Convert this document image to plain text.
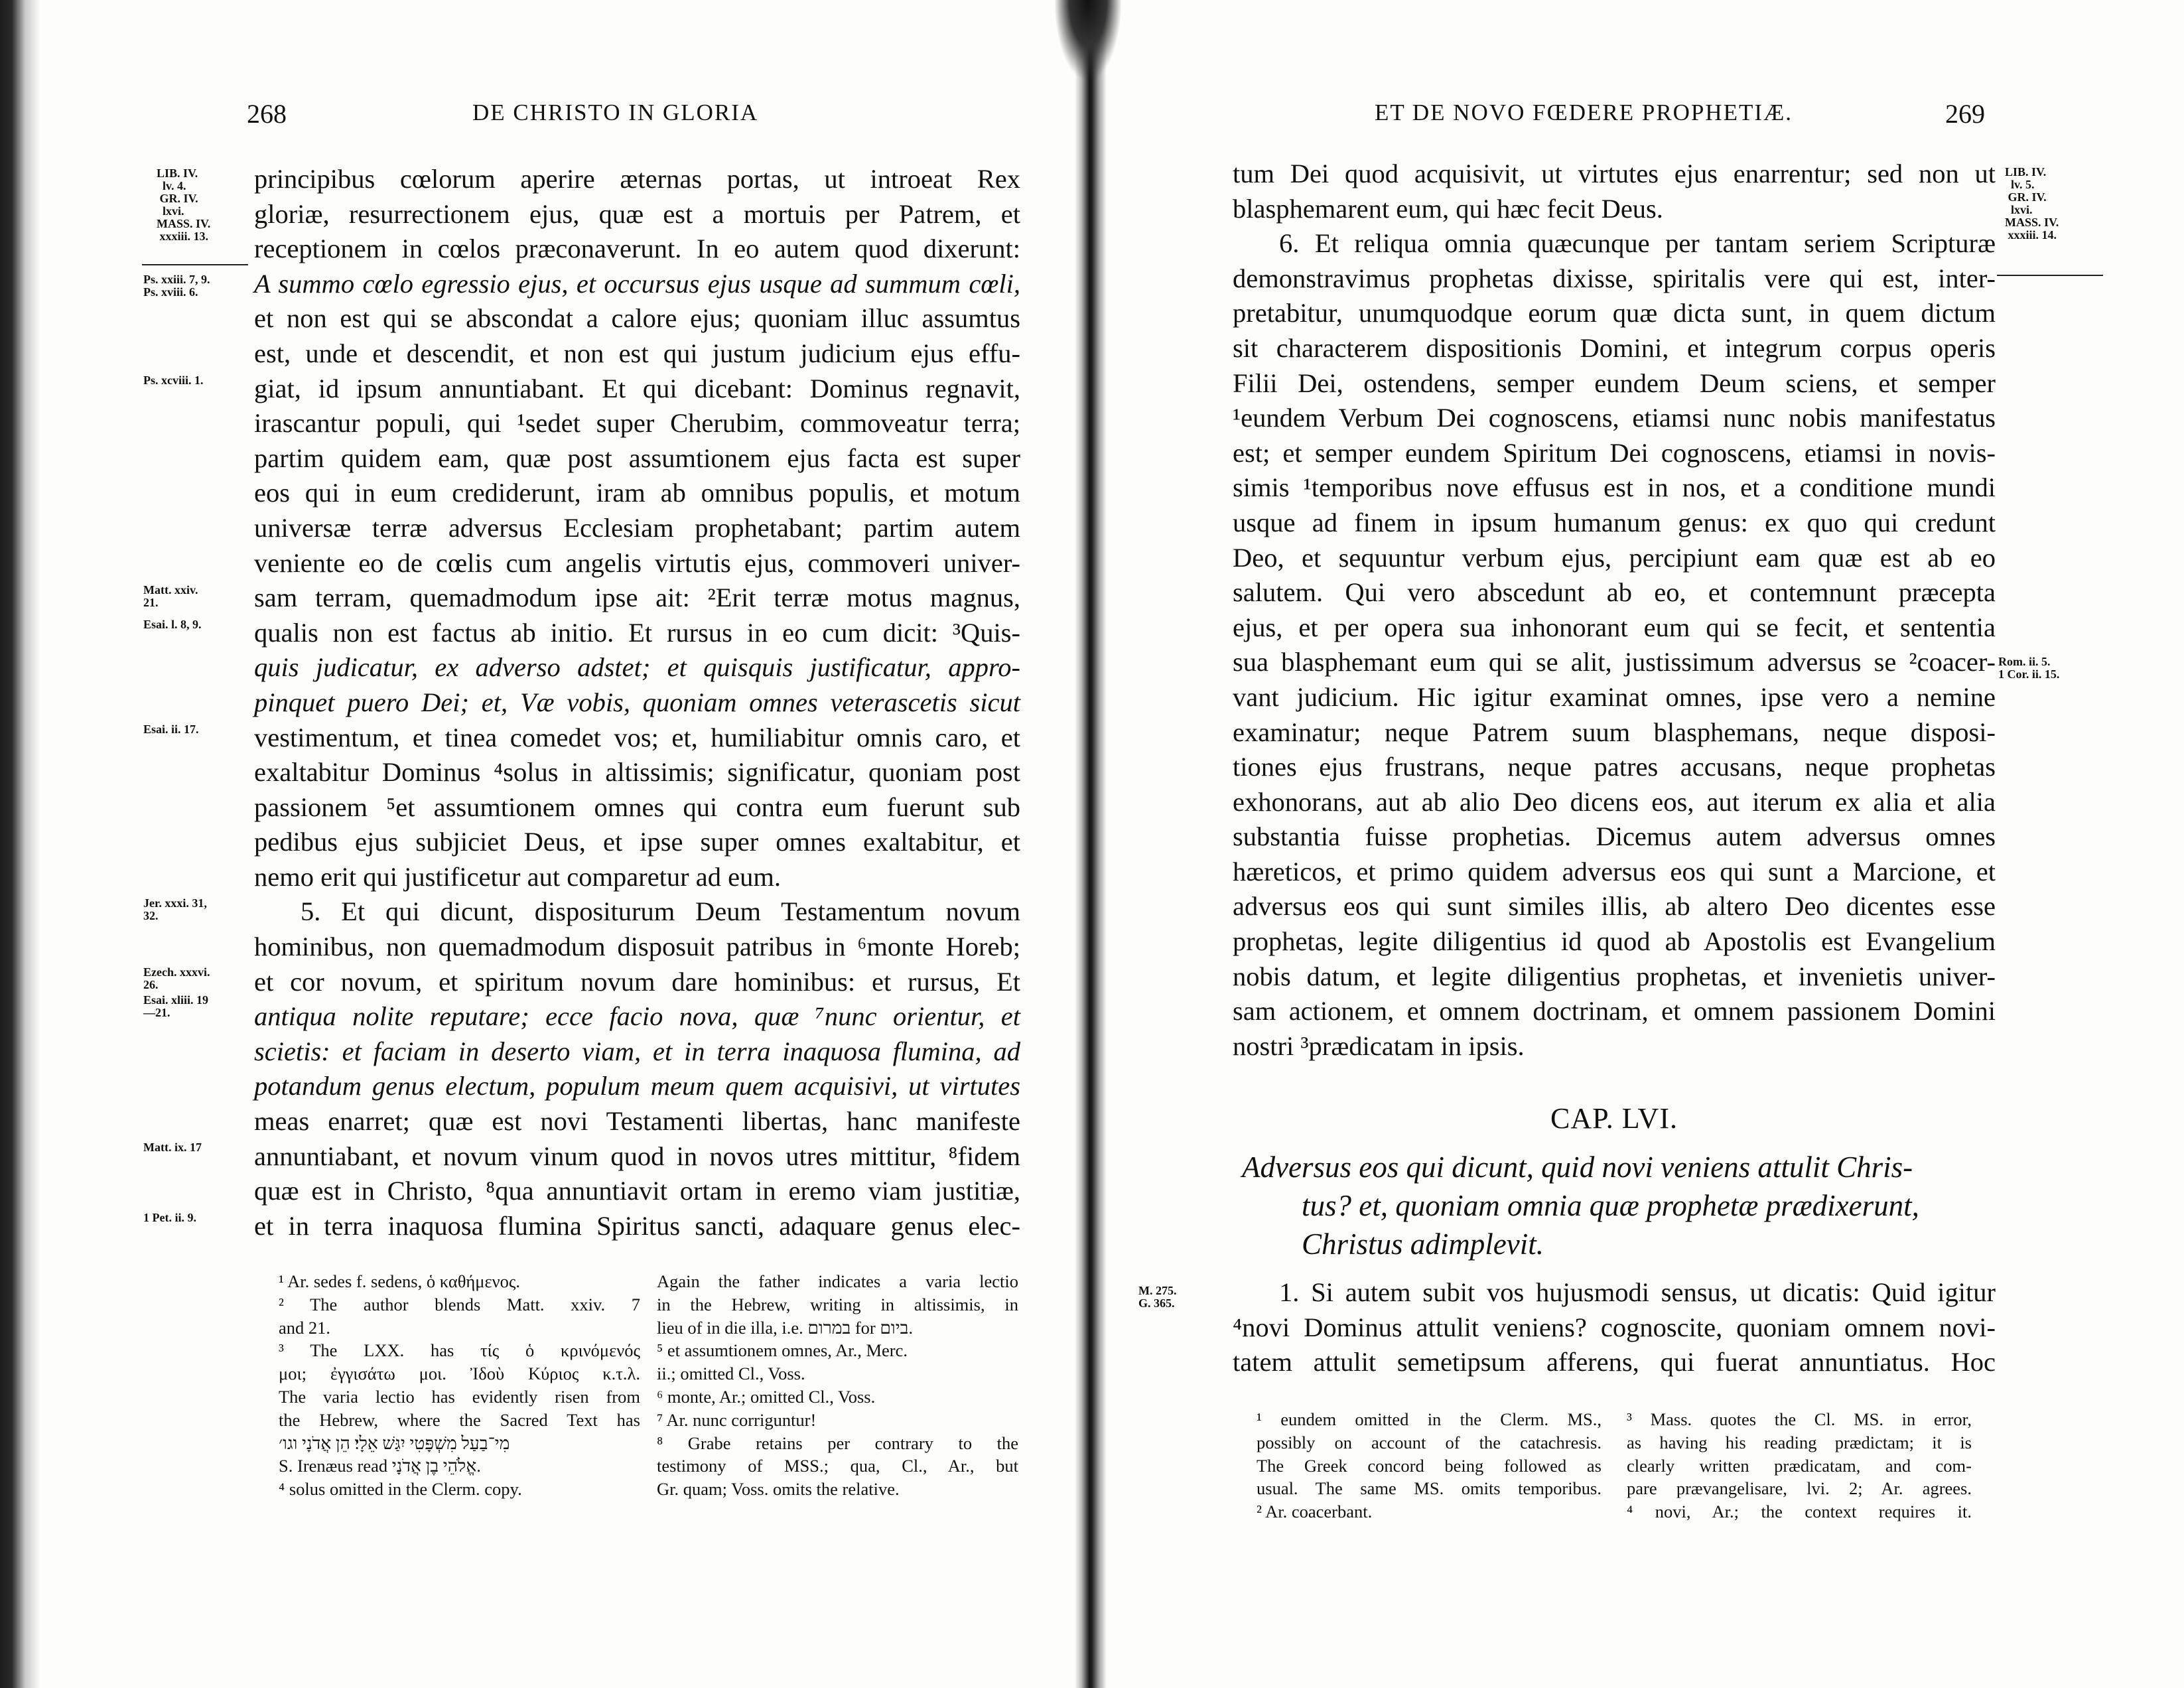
268	DE CHRISTO IN GLORIA
LIB. IV.
lv. 4.
GR. IV.
lxvi.
MASS. IV.
xxxiii. 13.
Ps. xxiii. 7, 9.
Ps. xviii. 6.
Ps. xcviii. 1.
Matt. xxiv.
21.
Esai. l. 8, 9.
Esai. ii. 17.
Jer. xxxi. 31,
32.
Ezech. xxxvi.
26.
Esai. xliii. 19
—21.
Matt. ix. 17
1 Pet. ii. 9.
principibus cœlorum aperire æternas portas, ut introeat Rex
gloriæ, resurrectionem ejus, quæ est a mortuis per Patrem, et
receptionem in cœlos præconaverunt. In eo autem quod dixerunt:
A summo cœlo egressio ejus, et occursus ejus usque ad summum cœli,
et non est qui se abscondat a calore ejus; quoniam illuc assumtus
est, unde et descendit, et non est qui justum judicium ejus effu-
giat, id ipsum annuntiabant. Et qui dicebant: Dominus regnavit,
irascantur populi, qui ¹sedet super Cherubim, commoveatur terra;
partim quidem eam, quæ post assumtionem ejus facta est super
eos qui in eum crediderunt, iram ab omnibus populis, et motum
universæ terræ adversus Ecclesiam prophetabant; partim autem
veniente eo de cœlis cum angelis virtutis ejus, commoveri univer-
sam terram, quemadmodum ipse ait: ²Erit terræ motus magnus,
qualis non est factus ab initio. Et rursus in eo cum dicit: ³Quis-
quis judicatur, ex adverso adstet; et quisquis justificatur, appro-
pinquet puero Dei; et, Væ vobis, quoniam omnes veterascetis sicut
vestimentum, et tinea comedet vos; et, humiliabitur omnis caro, et
exaltabitur Dominus ⁴solus in altissimis; significatur, quoniam post
passionem ⁵et assumtionem omnes qui contra eum fuerunt sub
pedibus ejus subjiciet Deus, et ipse super omnes exaltabitur, et
nemo erit qui justificetur aut comparetur ad eum.
5. Et qui dicunt, dispositurum Deum Testamentum novum
hominibus, non quemadmodum disposuit patribus in ⁶monte Horeb;
et cor novum, et spiritum novum dare hominibus: et rursus, Et
antiqua nolite reputare; ecce facio nova, quæ ⁷nunc orientur, et
scietis: et faciam in deserto viam, et in terra inaquosa flumina, ad
potandum genus electum, populum meum quem acquisivi, ut virtutes
meas enarret; quæ est novi Testamenti libertas, hanc manifeste
annuntiabant, et novum vinum quod in novos utres mittitur, ⁸fidem
quæ est in Christo, ⁸qua annuntiavit ortam in eremo viam justitiæ,
et in terra inaquosa flumina Spiritus sancti, adaquare genus elec-
¹ Ar. sedes f. sedens, ὁ καθήμενος.
² The author blends Matt. xxiv. 7
and 21.
³ The LXX. has τίς ὁ κρινόμενός
μοι; ἐγγισάτω μοι. Ἰδοὺ Κύριος κ.τ.λ.
The varia lectio has evidently risen from
the Hebrew, where the Sacred Text has
מִי־בַעַל מִשְׁפָּטִי יִגַּשׁ אֵלָי׃ הֵן אֲדֹנָי וגו׳
S. Irenæus read אֱלֹהֵי בֶן אֲדֹנָי.
⁴ solus omitted in the Clerm. copy.
Again the father indicates a varia lectio
in the Hebrew, writing in altissimis, in
lieu of in die illa, i.e. במרום for ביום.
⁵ et assumtionem omnes, Ar., Merc.
ii.; omitted Cl., Voss.
⁶ monte, Ar.; omitted Cl., Voss.
⁷ Ar. nunc corriguntur!
⁸ Grabe retains per contrary to the
testimony of MSS.; qua, Cl., Ar., but
Gr. quam; Voss. omits the relative.
ET DE NOVO FŒDERE PROPHETIÆ.	269
LIB. IV.
lv. 5.
GR. IV.
lxvi.
MASS. IV.
xxxiii. 14.
Rom. ii. 5.
1 Cor. ii. 15.
M. 275.
G. 365.
tum Dei quod acquisivit, ut virtutes ejus enarrentur; sed non ut
blasphemarent eum, qui hæc fecit Deus.
6. Et reliqua omnia quæcunque per tantam seriem Scripturæ
demonstravimus prophetas dixisse, spiritalis vere qui est, inter-
pretabitur, unumquodque eorum quæ dicta sunt, in quem dictum
sit characterem dispositionis Domini, et integrum corpus operis
Filii Dei, ostendens, semper eundem Deum sciens, et semper
¹eundem Verbum Dei cognoscens, etiamsi nunc nobis manifestatus
est; et semper eundem Spiritum Dei cognoscens, etiamsi in novis-
simis ¹temporibus nove effusus est in nos, et a conditione mundi
usque ad finem in ipsum humanum genus: ex quo qui credunt
Deo, et sequuntur verbum ejus, percipiunt eam quæ est ab eo
salutem. Qui vero abscedunt ab eo, et contemnunt præcepta
ejus, et per opera sua inhonorant eum qui se fecit, et sententia
sua blasphemant eum qui se alit, justissimum adversus se ²coacer-
vant judicium. Hic igitur examinat omnes, ipse vero a nemine
examinatur; neque Patrem suum blasphemans, neque disposi-
tiones ejus frustrans, neque patres accusans, neque prophetas
exhonorans, aut ab alio Deo dicens eos, aut iterum ex alia et alia
substantia fuisse prophetias. Dicemus autem adversus omnes
hæreticos, et primo quidem adversus eos qui sunt a Marcione, et
adversus eos qui sunt similes illis, ab altero Deo dicentes esse
prophetas, legite diligentius id quod ab Apostolis est Evangelium
nobis datum, et legite diligentius prophetas, et invenietis univer-
sam actionem, et omnem doctrinam, et omnem passionem Domini
nostri ³prædicatam in ipsis.
CAP. LVI.
Adversus eos qui dicunt, quid novi veniens attulit Chris-
tus? et, quoniam omnia quæ prophetæ prædixerunt,
Christus adimplevit.
1. Si autem subit vos hujusmodi sensus, ut dicatis: Quid igitur
⁴novi Dominus attulit veniens? cognoscite, quoniam omnem novi-
tatem attulit semetipsum afferens, qui fuerat annuntiatus. Hoc
¹ eundem omitted in the Clerm. MS.,
possibly on account of the catachresis.
The Greek concord being followed as
usual. The same MS. omits temporibus.
² Ar. coacerbant.
³ Mass. quotes the Cl. MS. in error,
as having his reading prædictam; it is
clearly written prædicatam, and com-
pare prævangelisare, lvi. 2; Ar. agrees.
⁴ novi, Ar.; the context requires it.
